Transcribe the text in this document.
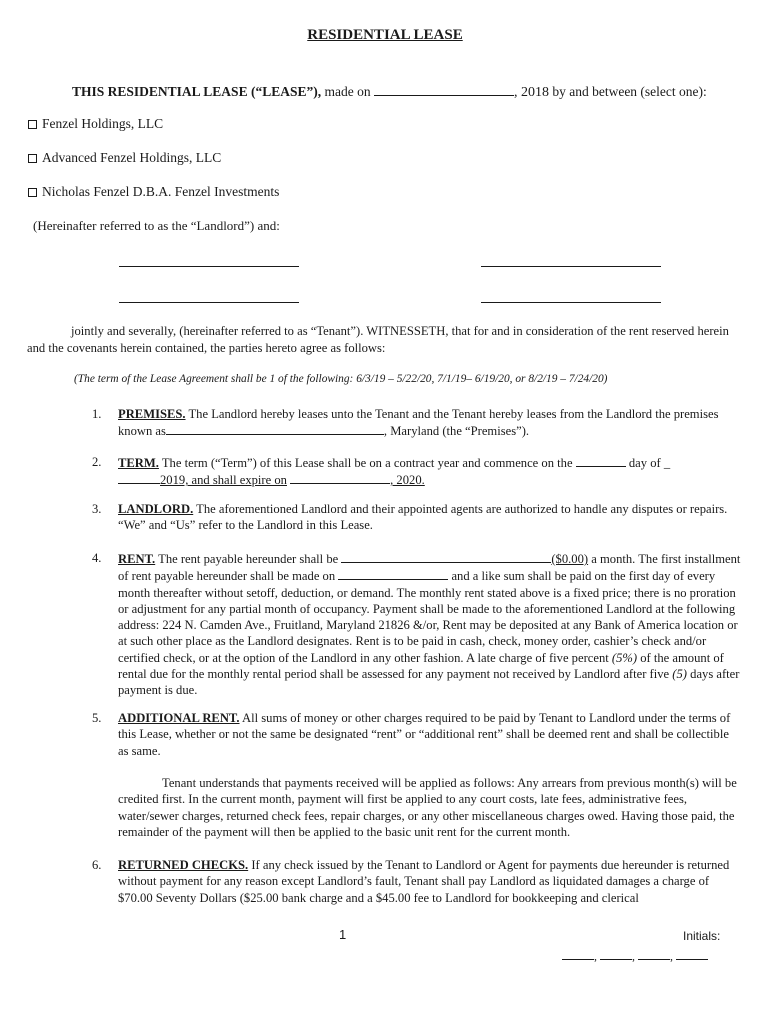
RESIDENTIAL LEASE
THIS RESIDENTIAL LEASE (“LEASE”), made on	, 2018 by and between (select one):
Fenzel Holdings, LLC
Advanced Fenzel Holdings, LLC
Nicholas Fenzel D.B.A. Fenzel Investments
(Hereinafter referred to as the “Landlord”) and:
jointly and severally, (hereinafter referred to as “Tenant”). WITNESSETH, that for and in consideration of the rent reserved herein and the covenants herein contained, the parties hereto agree as follows:
(The term of the Lease Agreement shall be 1 of the following: 6/3/19 – 5/22/20, 7/1/19– 6/19/20, or 8/2/19 – 7/24/20)
1. PREMISES. The Landlord hereby leases unto the Tenant and the Tenant hereby leases from the Landlord the premises known as	, Maryland (the “Premises”).
2. TERM. The term (“Term”) of this Lease shall be on a contract year and commence on the	day of _
2019, and shall expire on	, 2020.
3. LANDLORD. The aforementioned Landlord and their appointed agents are authorized to handle any disputes or repairs. “We” and “Us” refer to the Landlord in this Lease.
4. RENT. The rent payable hereunder shall be	($0.00) a month. The first installment of rent payable hereunder shall be made on	and a like sum shall be paid on the first day of every month thereafter without setoff, deduction, or demand. The monthly rent stated above is a fixed price; there is no proration or adjustment for any partial month of occupancy. Payment shall be made to the aforementioned Landlord at the following address: 224 N. Camden Ave., Fruitland, Maryland 21826 &/or, Rent may be deposited at any Bank of America location or at such other place as the Landlord designates. Rent is to be paid in cash, check, money order, cashier’s check and/or certified check, or at the option of the Landlord in any other fashion. A late charge of five percent (5%) of the amount of rental due for the monthly rental period shall be assessed for any payment not received by Landlord after five (5) days after payment is due.
5. ADDITIONAL RENT. All sums of money or other charges required to be paid by Tenant to Landlord under the terms of this Lease, whether or not the same be designated “rent” or “additional rent” shall be deemed rent and shall be collectible as same.
Tenant understands that payments received will be applied as follows: Any arrears from previous month(s) will be credited first. In the current month, payment will first be applied to any court costs, late fees, administrative fees, water/sewer charges, returned check fees, repair charges, or any other miscellaneous charges owed. Having those paid, the remainder of the payment will then be applied to the basic unit rent for the current month.
6. RETURNED CHECKS. If any check issued by the Tenant to Landlord or Agent for payments due hereunder is returned without payment for any reason except Landlord’s fault, Tenant shall pay Landlord as liquidated damages a charge of $70.00 Seventy Dollars ($25.00 bank charge and a $45.00 fee to Landlord for bookkeeping and clerical
1	Initials:
,	,	,
